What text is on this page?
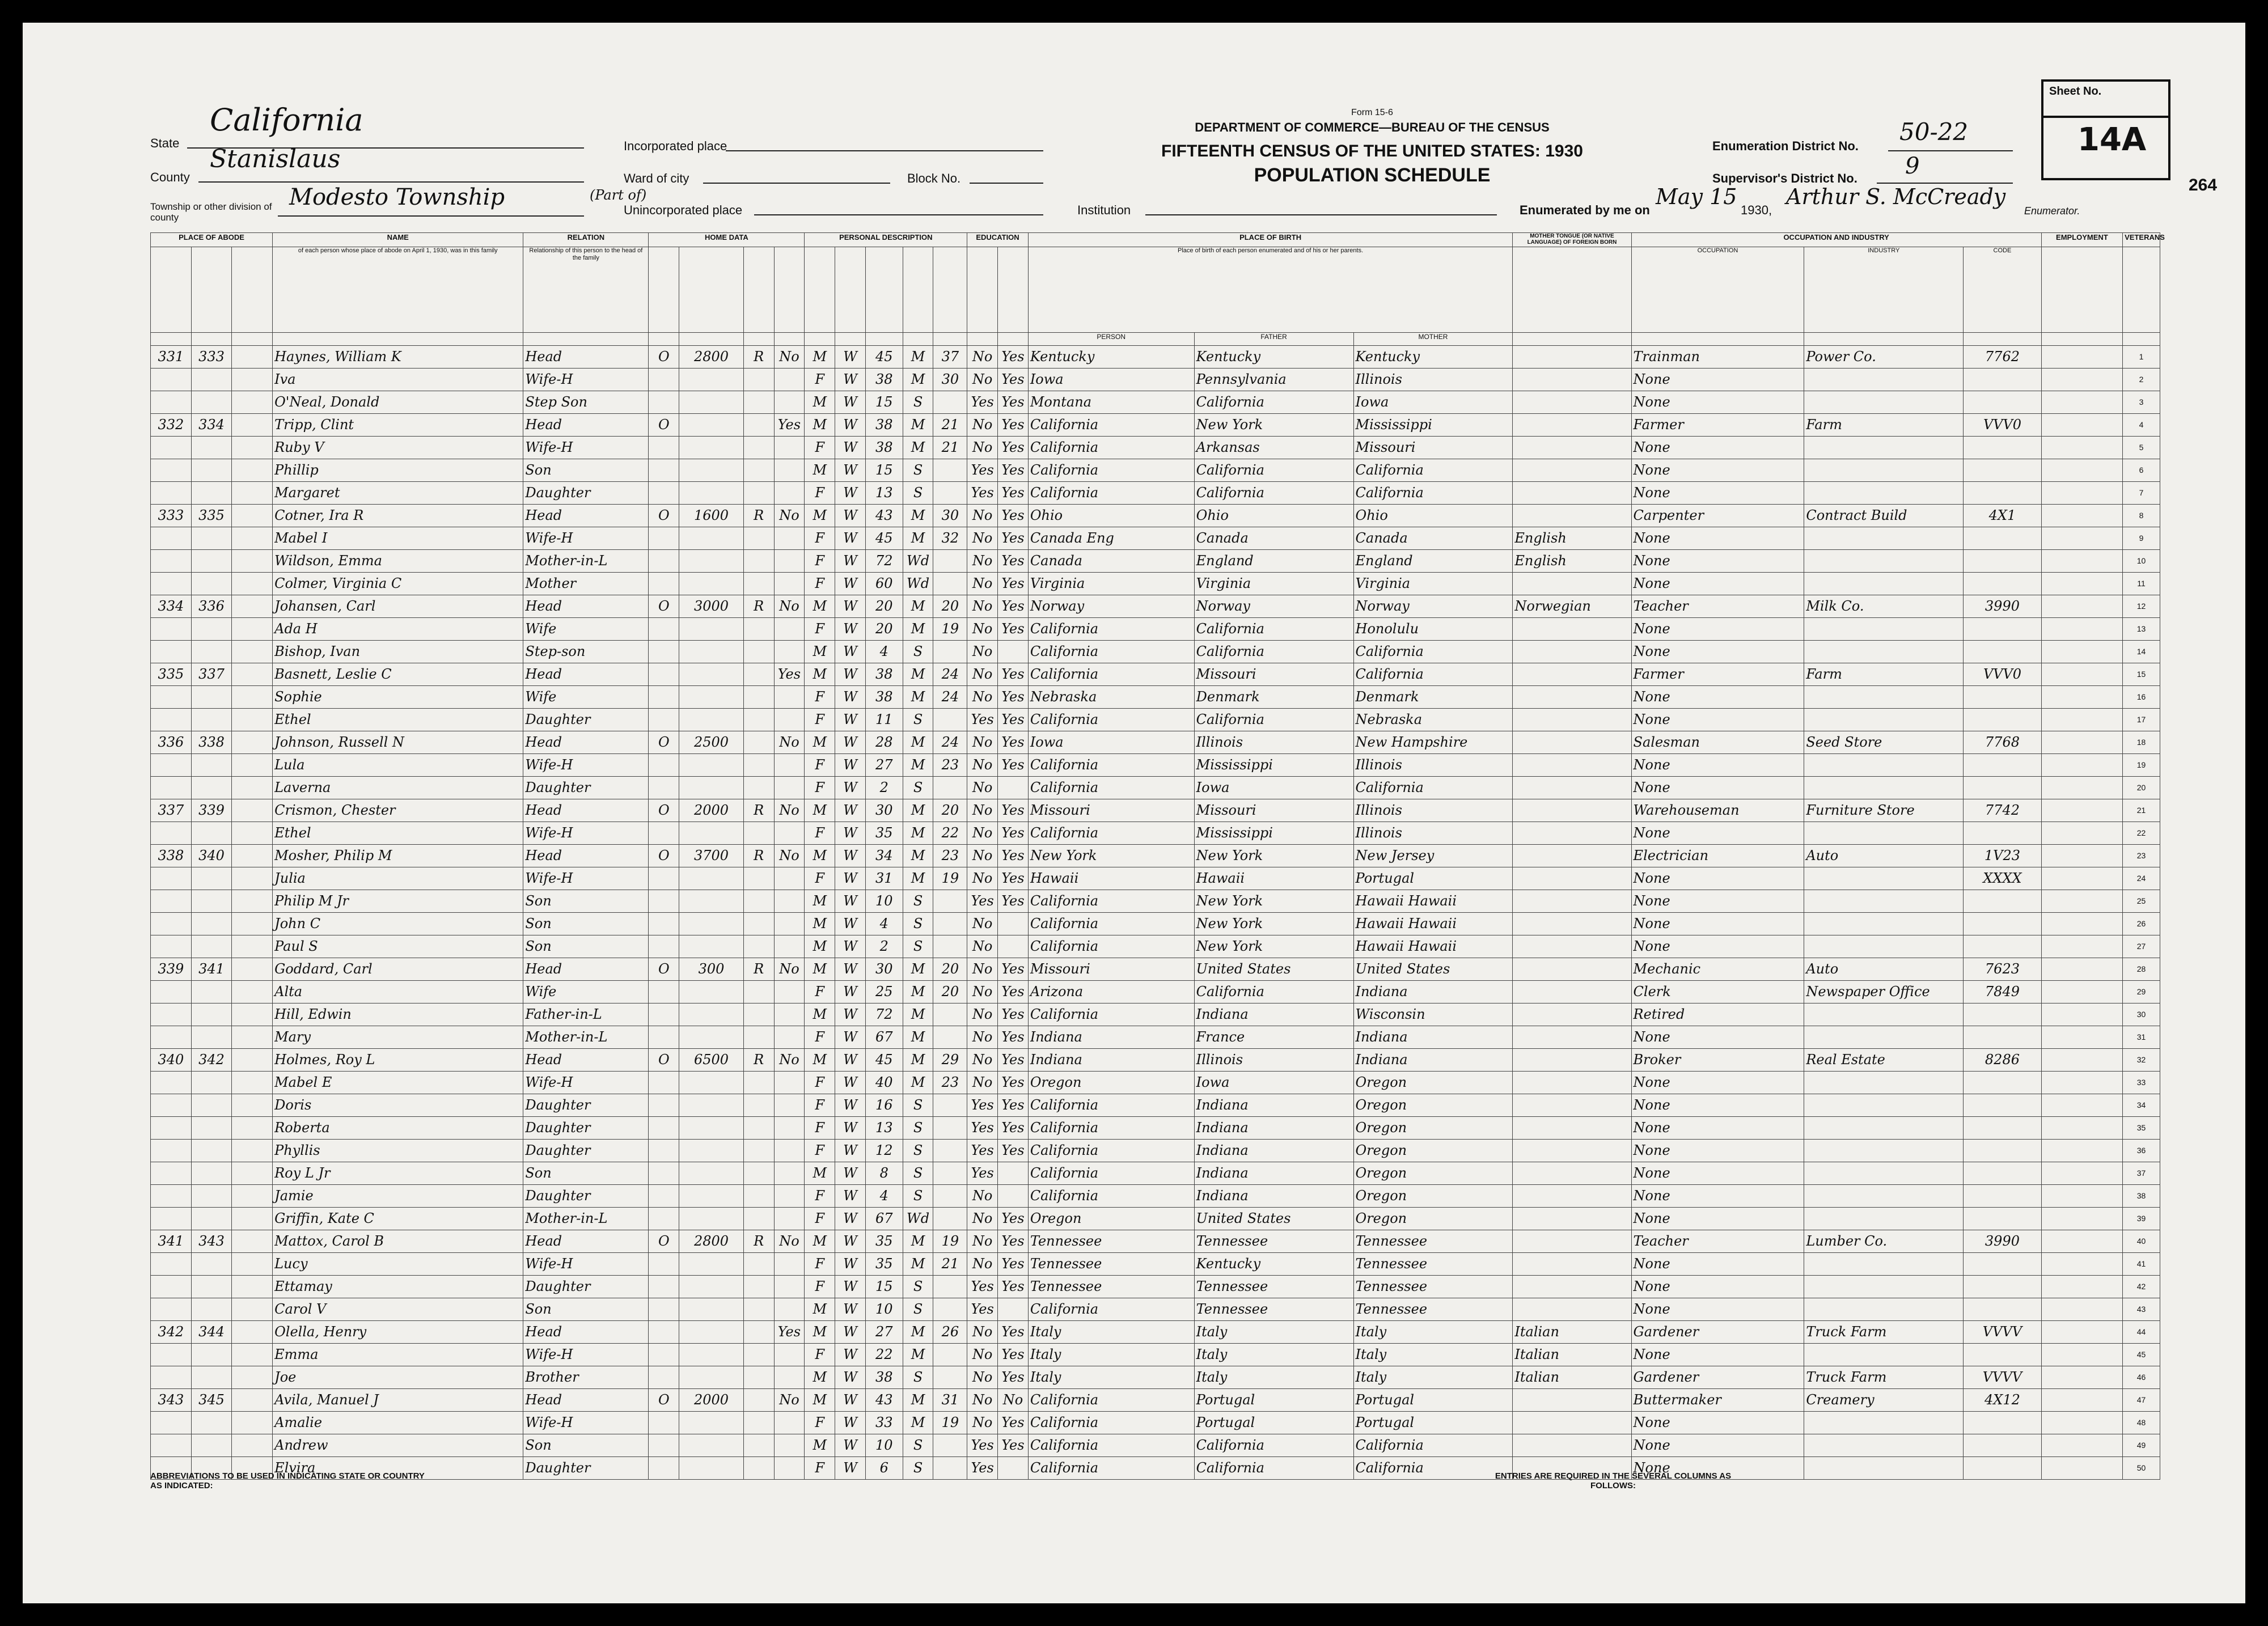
Form 15-6
DEPARTMENT OF COMMERCE—BUREAU OF THE CENSUS
FIFTEENTH CENSUS OF THE UNITED STATES: 1930
POPULATION SCHEDULE
State
California
County
Stanislaus
Township or other division of county
Modesto Township	(Part of)
Incorporated place
Ward of city	Block No.
Unincorporated place	Institution
Enumeration District No.
50-22
Supervisor's District No. 9
Enumerated by me on
May 15
1930,
Arthur S. McCready
Enumerator.
Sheet No.
14A
264
PLACE OF ABODE			NAME	RELATION	HOME DATA				PERSONAL DESCRIPTION					EDUCATION		PLACE OF BIRTH			MOTHER TONGUE (OR NATIVE LANGUAGE) OF FOREIGN BORN	OCCUPATION AND INDUSTRY			EMPLOYMENT	VETERANS
			of each person whose place of abode on April 1, 1930, was in this family	Relationship of this person to the head of the family												Place of birth of each person enumerated and of his or her parents.				OCCUPATION	INDUSTRY	CODE		
																PERSON	FATHER	MOTHER						
331	333		Haynes, William K	Head	O	2800	R	No	M	W	45	M	37	No	Yes	Kentucky	Kentucky	Kentucky		Trainman	Power Co.	7762		1
			Iva	Wife-H					F	W	38	M	30	No	Yes	Iowa	Pennsylvania	Illinois		None				2
			O'Neal, Donald	Step Son					M	W	15	S		Yes	Yes	Montana	California	Iowa		None				3
332	334		Tripp, Clint	Head	O			Yes	M	W	38	M	21	No	Yes	California	New York	Mississippi		Farmer	Farm	VVV0		4
			Ruby V	Wife-H					F	W	38	M	21	No	Yes	California	Arkansas	Missouri		None				5
			Phillip	Son					M	W	15	S		Yes	Yes	California	California	California		None				6
			Margaret	Daughter					F	W	13	S		Yes	Yes	California	California	California		None				7
333	335		Cotner, Ira R	Head	O	1600	R	No	M	W	43	M	30	No	Yes	Ohio	Ohio	Ohio		Carpenter	Contract Build	4X1		8
			Mabel I	Wife-H					F	W	45	M	32	No	Yes	Canada Eng	Canada	Canada	English	None				9
			Wildson, Emma	Mother-in-L					F	W	72	Wd		No	Yes	Canada	England	England	English	None				10
			Colmer, Virginia C	Mother					F	W	60	Wd		No	Yes	Virginia	Virginia	Virginia		None				11
334	336		Johansen, Carl	Head	O	3000	R	No	M	W	20	M	20	No	Yes	Norway	Norway	Norway	Norwegian	Teacher	Milk Co.	3990		12
			Ada H	Wife					F	W	20	M	19	No	Yes	California	California	Honolulu		None				13
			Bishop, Ivan	Step-son					M	W	4	S		No		California	California	California		None				14
335	337		Basnett, Leslie C	Head				Yes	M	W	38	M	24	No	Yes	California	Missouri	California		Farmer	Farm	VVV0		15
			Sophie	Wife					F	W	38	M	24	No	Yes	Nebraska	Denmark	Denmark		None				16
			Ethel	Daughter					F	W	11	S		Yes	Yes	California	California	Nebraska		None				17
336	338		Johnson, Russell N	Head	O	2500		No	M	W	28	M	24	No	Yes	Iowa	Illinois	New Hampshire		Salesman	Seed Store	7768		18
			Lula	Wife-H					F	W	27	M	23	No	Yes	California	Mississippi	Illinois		None				19
			Laverna	Daughter					F	W	2	S		No		California	Iowa	California		None				20
337	339		Crismon, Chester	Head	O	2000	R	No	M	W	30	M	20	No	Yes	Missouri	Missouri	Illinois		Warehouseman	Furniture Store	7742		21
			Ethel	Wife-H					F	W	35	M	22	No	Yes	California	Mississippi	Illinois		None				22
338	340		Mosher, Philip M	Head	O	3700	R	No	M	W	34	M	23	No	Yes	New York	New York	New Jersey		Electrician	Auto	1V23		23
			Julia	Wife-H					F	W	31	M	19	No	Yes	Hawaii	Hawaii	Portugal		None		XXXX		24
			Philip M Jr	Son					M	W	10	S		Yes	Yes	California	New York	Hawaii Hawaii		None				25
			John C	Son					M	W	4	S		No		California	New York	Hawaii Hawaii		None				26
			Paul S	Son					M	W	2	S		No		California	New York	Hawaii Hawaii		None				27
339	341		Goddard, Carl	Head	O	300	R	No	M	W	30	M	20	No	Yes	Missouri	United States	United States		Mechanic	Auto	7623		28
			Alta	Wife					F	W	25	M	20	No	Yes	Arizona	California	Indiana		Clerk	Newspaper Office	7849		29
			Hill, Edwin	Father-in-L					M	W	72	M		No	Yes	California	Indiana	Wisconsin		Retired				30
			Mary	Mother-in-L					F	W	67	M		No	Yes	Indiana	France	Indiana		None				31
340	342		Holmes, Roy L	Head	O	6500	R	No	M	W	45	M	29	No	Yes	Indiana	Illinois	Indiana		Broker	Real Estate	8286		32
			Mabel E	Wife-H					F	W	40	M	23	No	Yes	Oregon	Iowa	Oregon		None				33
			Doris	Daughter					F	W	16	S		Yes	Yes	California	Indiana	Oregon		None				34
			Roberta	Daughter					F	W	13	S		Yes	Yes	California	Indiana	Oregon		None				35
			Phyllis	Daughter					F	W	12	S		Yes	Yes	California	Indiana	Oregon		None				36
			Roy L Jr	Son					M	W	8	S		Yes		California	Indiana	Oregon		None				37
			Jamie	Daughter					F	W	4	S		No		California	Indiana	Oregon		None				38
			Griffin, Kate C	Mother-in-L					F	W	67	Wd		No	Yes	Oregon	United States	Oregon		None				39
341	343		Mattox, Carol B	Head	O	2800	R	No	M	W	35	M	19	No	Yes	Tennessee	Tennessee	Tennessee		Teacher	Lumber Co.	3990		40
			Lucy	Wife-H					F	W	35	M	21	No	Yes	Tennessee	Kentucky	Tennessee		None				41
			Ettamay	Daughter					F	W	15	S		Yes	Yes	Tennessee	Tennessee	Tennessee		None				42
			Carol V	Son					M	W	10	S		Yes		California	Tennessee	Tennessee		None				43
342	344		Olella, Henry	Head				Yes	M	W	27	M	26	No	Yes	Italy	Italy	Italy	Italian	Gardener	Truck Farm	VVVV		44
			Emma	Wife-H					F	W	22	M		No	Yes	Italy	Italy	Italy	Italian	None				45
			Joe	Brother					M	W	38	S		No	Yes	Italy	Italy	Italy	Italian	Gardener	Truck Farm	VVVV		46
343	345		Avila, Manuel J	Head	O	2000		No	M	W	43	M	31	No	No	California	Portugal	Portugal		Buttermaker	Creamery	4X12		47
			Amalie	Wife-H					F	W	33	M	19	No	Yes	California	Portugal	Portugal		None				48
			Andrew	Son					M	W	10	S		Yes	Yes	California	California	California		None				49
			Elvira	Daughter					F	W	6	S		Yes		California	California	California		None				50
ABBREVIATIONS TO BE USED IN INDICATING STATE OR COUNTRY AS INDICATED:
ENTRIES ARE REQUIRED IN THE SEVERAL COLUMNS AS FOLLOWS:
